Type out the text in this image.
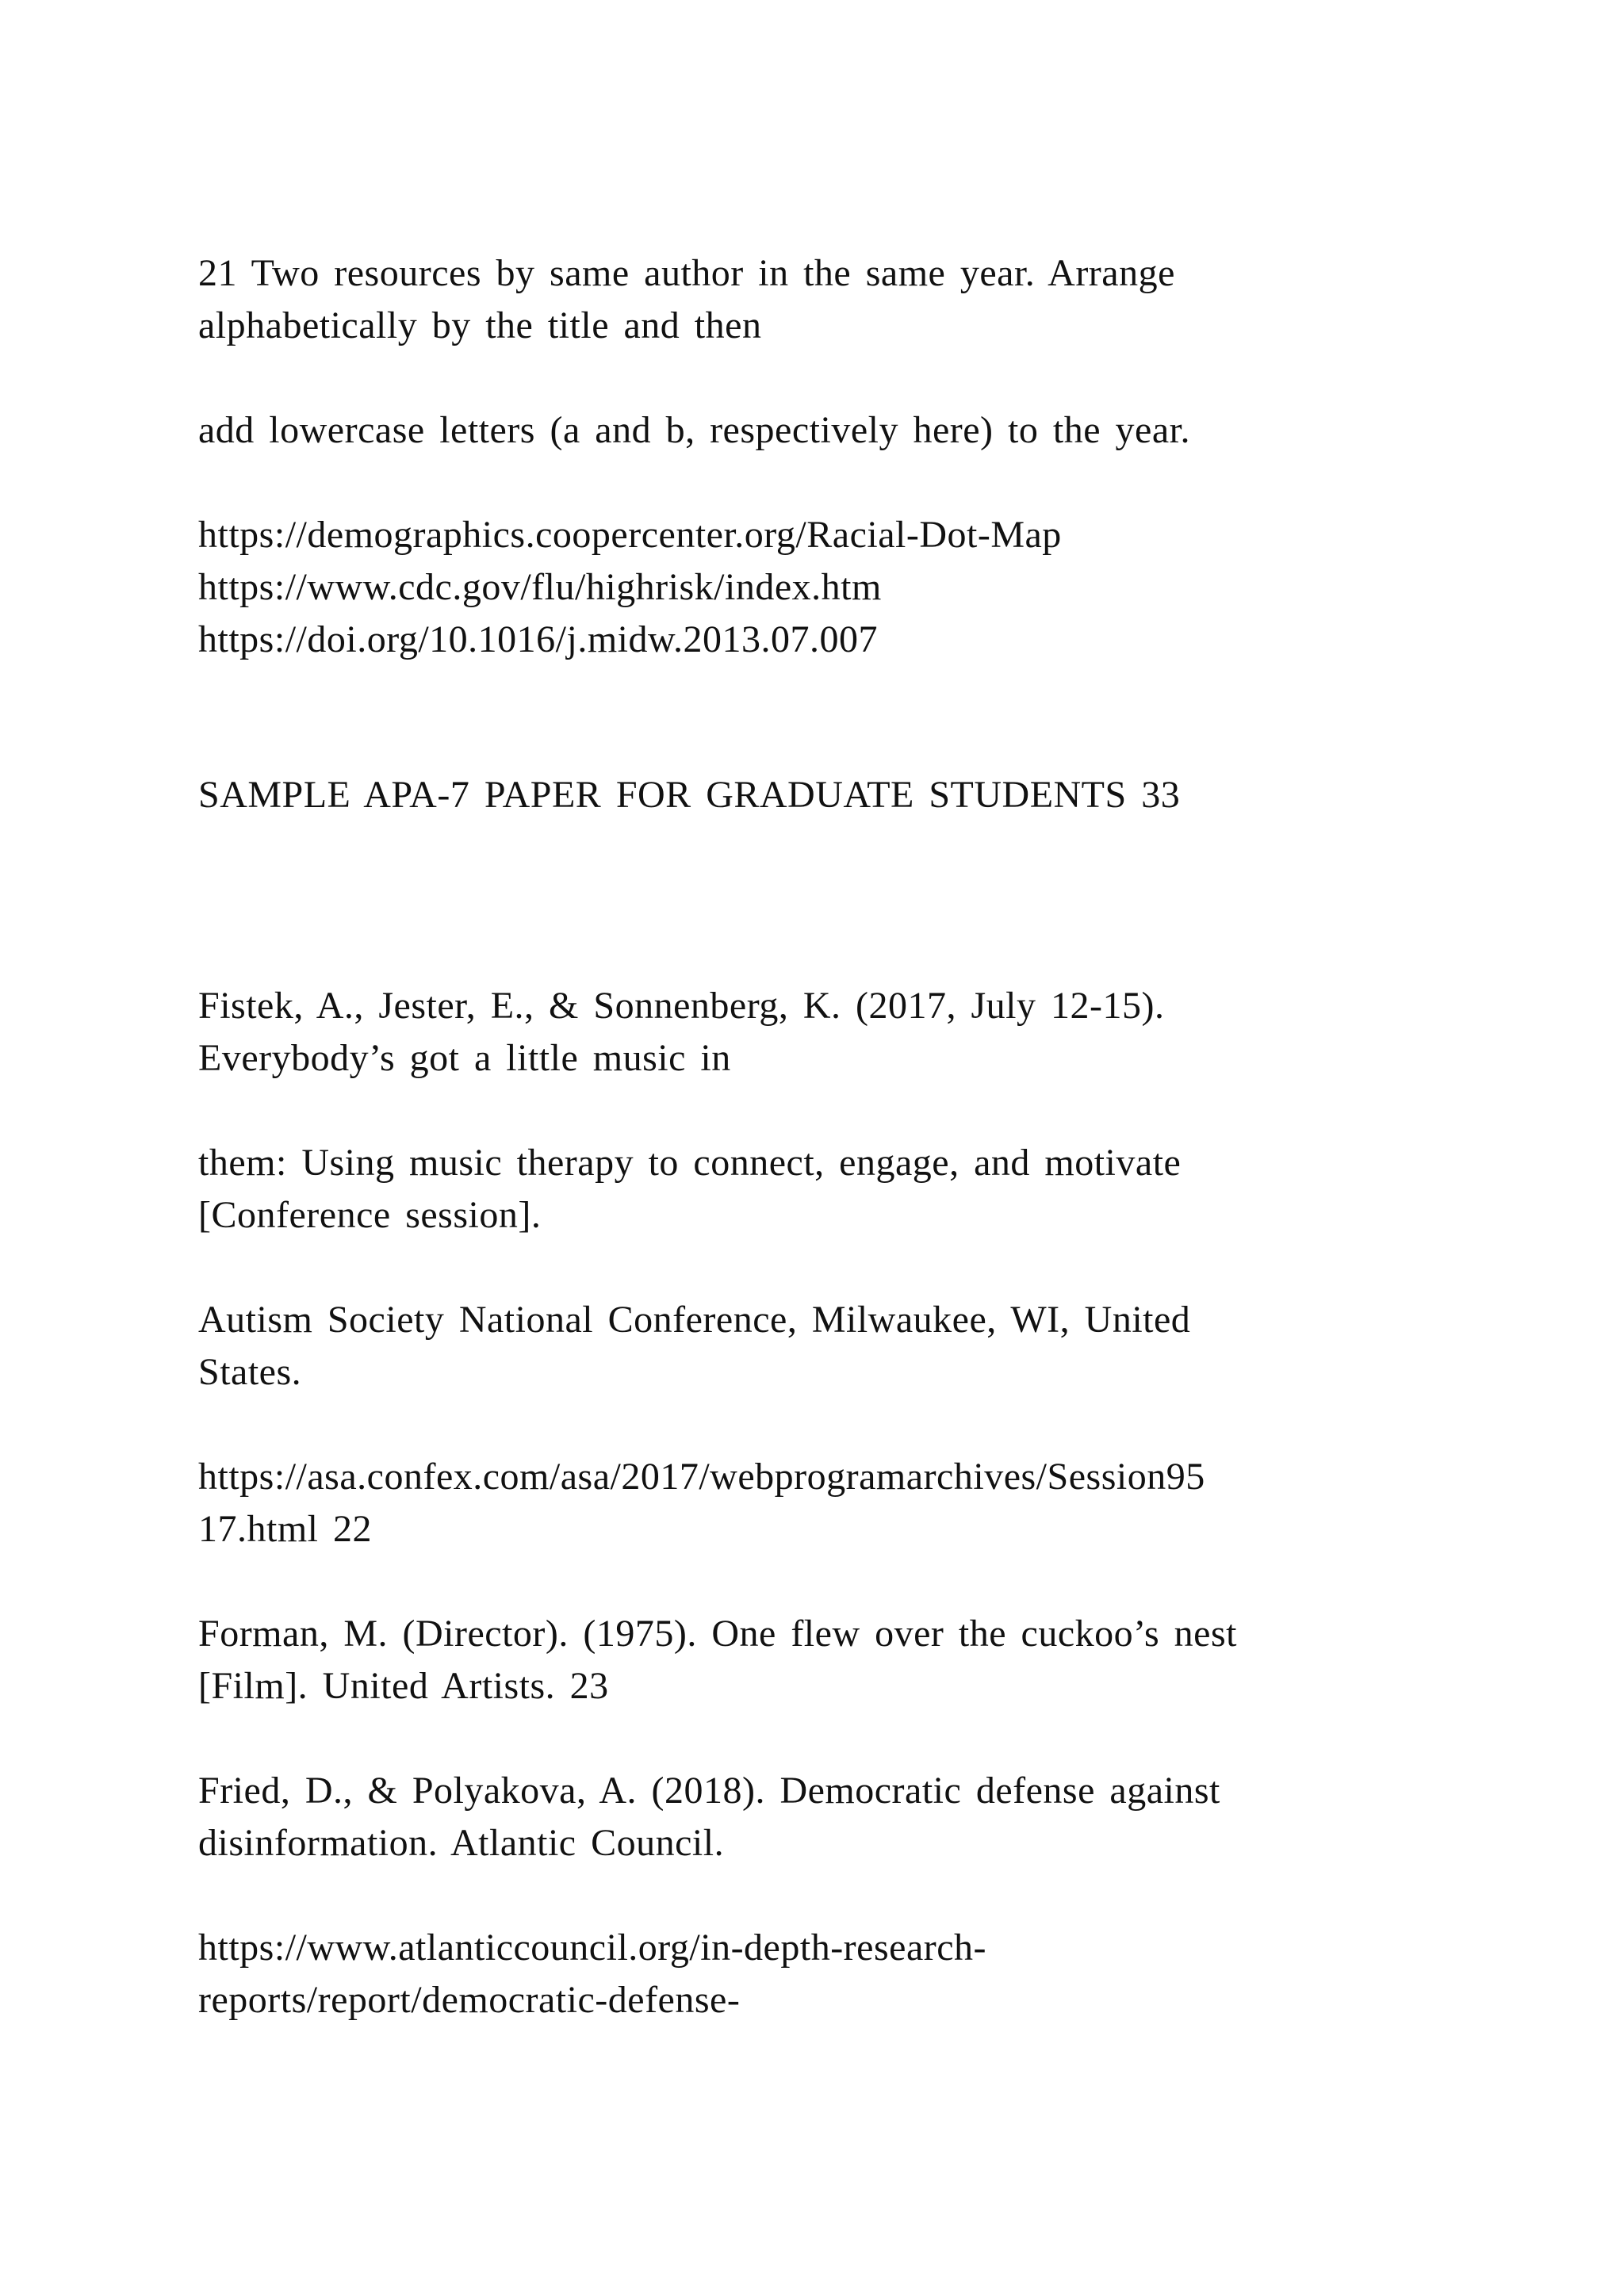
21 Two resources by same author in the same year. Arrange
alphabetically by the title and then
add lowercase letters (a and b, respectively here) to the year.
https://demographics.coopercenter.org/Racial-Dot-Map
https://www.cdc.gov/flu/highrisk/index.htm
https://doi.org/10.1016/j.midw.2013.07.007
SAMPLE APA-7 PAPER FOR GRADUATE STUDENTS 33
Fistek, A., Jester, E., & Sonnenberg, K. (2017, July 12-15).
Everybody’s got a little music in
them: Using music therapy to connect, engage, and motivate
[Conference session].
Autism Society National Conference, Milwaukee, WI, United
States.
https://asa.confex.com/asa/2017/webprogramarchives/Session95
17.html 22
Forman, M. (Director). (1975). One flew over the cuckoo’s nest
[Film]. United Artists. 23
Fried, D., & Polyakova, A. (2018). Democratic defense against
disinformation. Atlantic Council.
https://www.atlanticcouncil.org/in-depth-research-
reports/report/democratic-defense-
